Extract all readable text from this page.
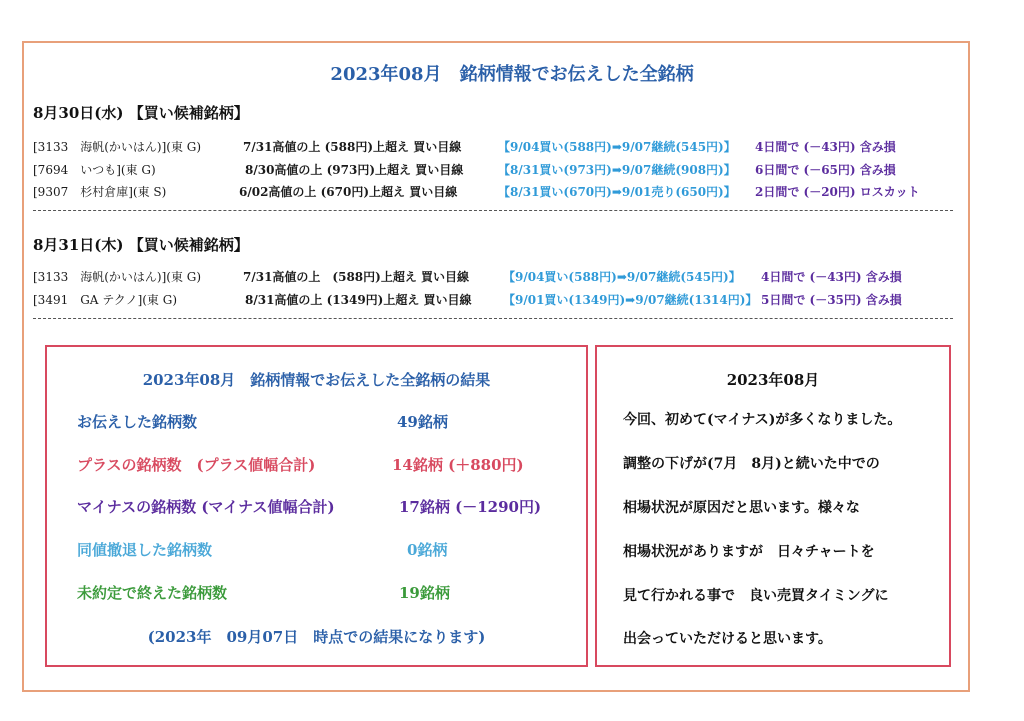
2023年08月　銘柄情報でお伝えした全銘柄
8月30日(水) 【買い候補銘柄】
[3133　海帆(かいはん)](東 G)	7/31高値の上 (588円)上超え 買い目線	【9/04買い(588円)➡9/07継続(545円)】 4日間で (－43円) 含み損
[7694　いつも](東 G)	8/30高値の上 (973円)上超え 買い目線	【8/31買い(973円)➡9/07継続(908円)】 6日間で (－65円) 含み損
[9307　杉村倉庫](東 S)	6/02高値の上 (670円)上超え 買い目線	【8/31買い(670円)➡9/01売り(650円)】 2日間で (－20円) ロスカット
8月31日(木) 【買い候補銘柄】
[3133　海帆(かいはん)](東 G)	7/31高値の上　(588円)上超え 買い目線	【9/04買い(588円)➡9/07継続(545円)】 4日間で (－43円) 含み損
[3491　GA テクノ](東 G)	8/31高値の上 (1349円)上超え 買い目線	【9/01買い(1349円)➡9/07継続(1314円)】 5日間で (－35円) 含み損
2023年08月　銘柄情報でお伝えした全銘柄の結果
お伝えした銘柄数	49銘柄
プラスの銘柄数　(プラス値幅合計)	14銘柄 (＋880円)
マイナスの銘柄数 (マイナス値幅合計)	17銘柄 (－1290円)
同値撤退した銘柄数	0銘柄
未約定で終えた銘柄数	19銘柄
(2023年　09月07日　時点での結果になります)
2023年08月
今回、初めて(マイナス)が多くなりました。
調整の下げが(7月　8月)と続いた中での
相場状況が原因だと思います。様々な
相場状況がありますが　日々チャートを
見て行かれる事で　良い売買タイミングに
出会っていただけると思います。
